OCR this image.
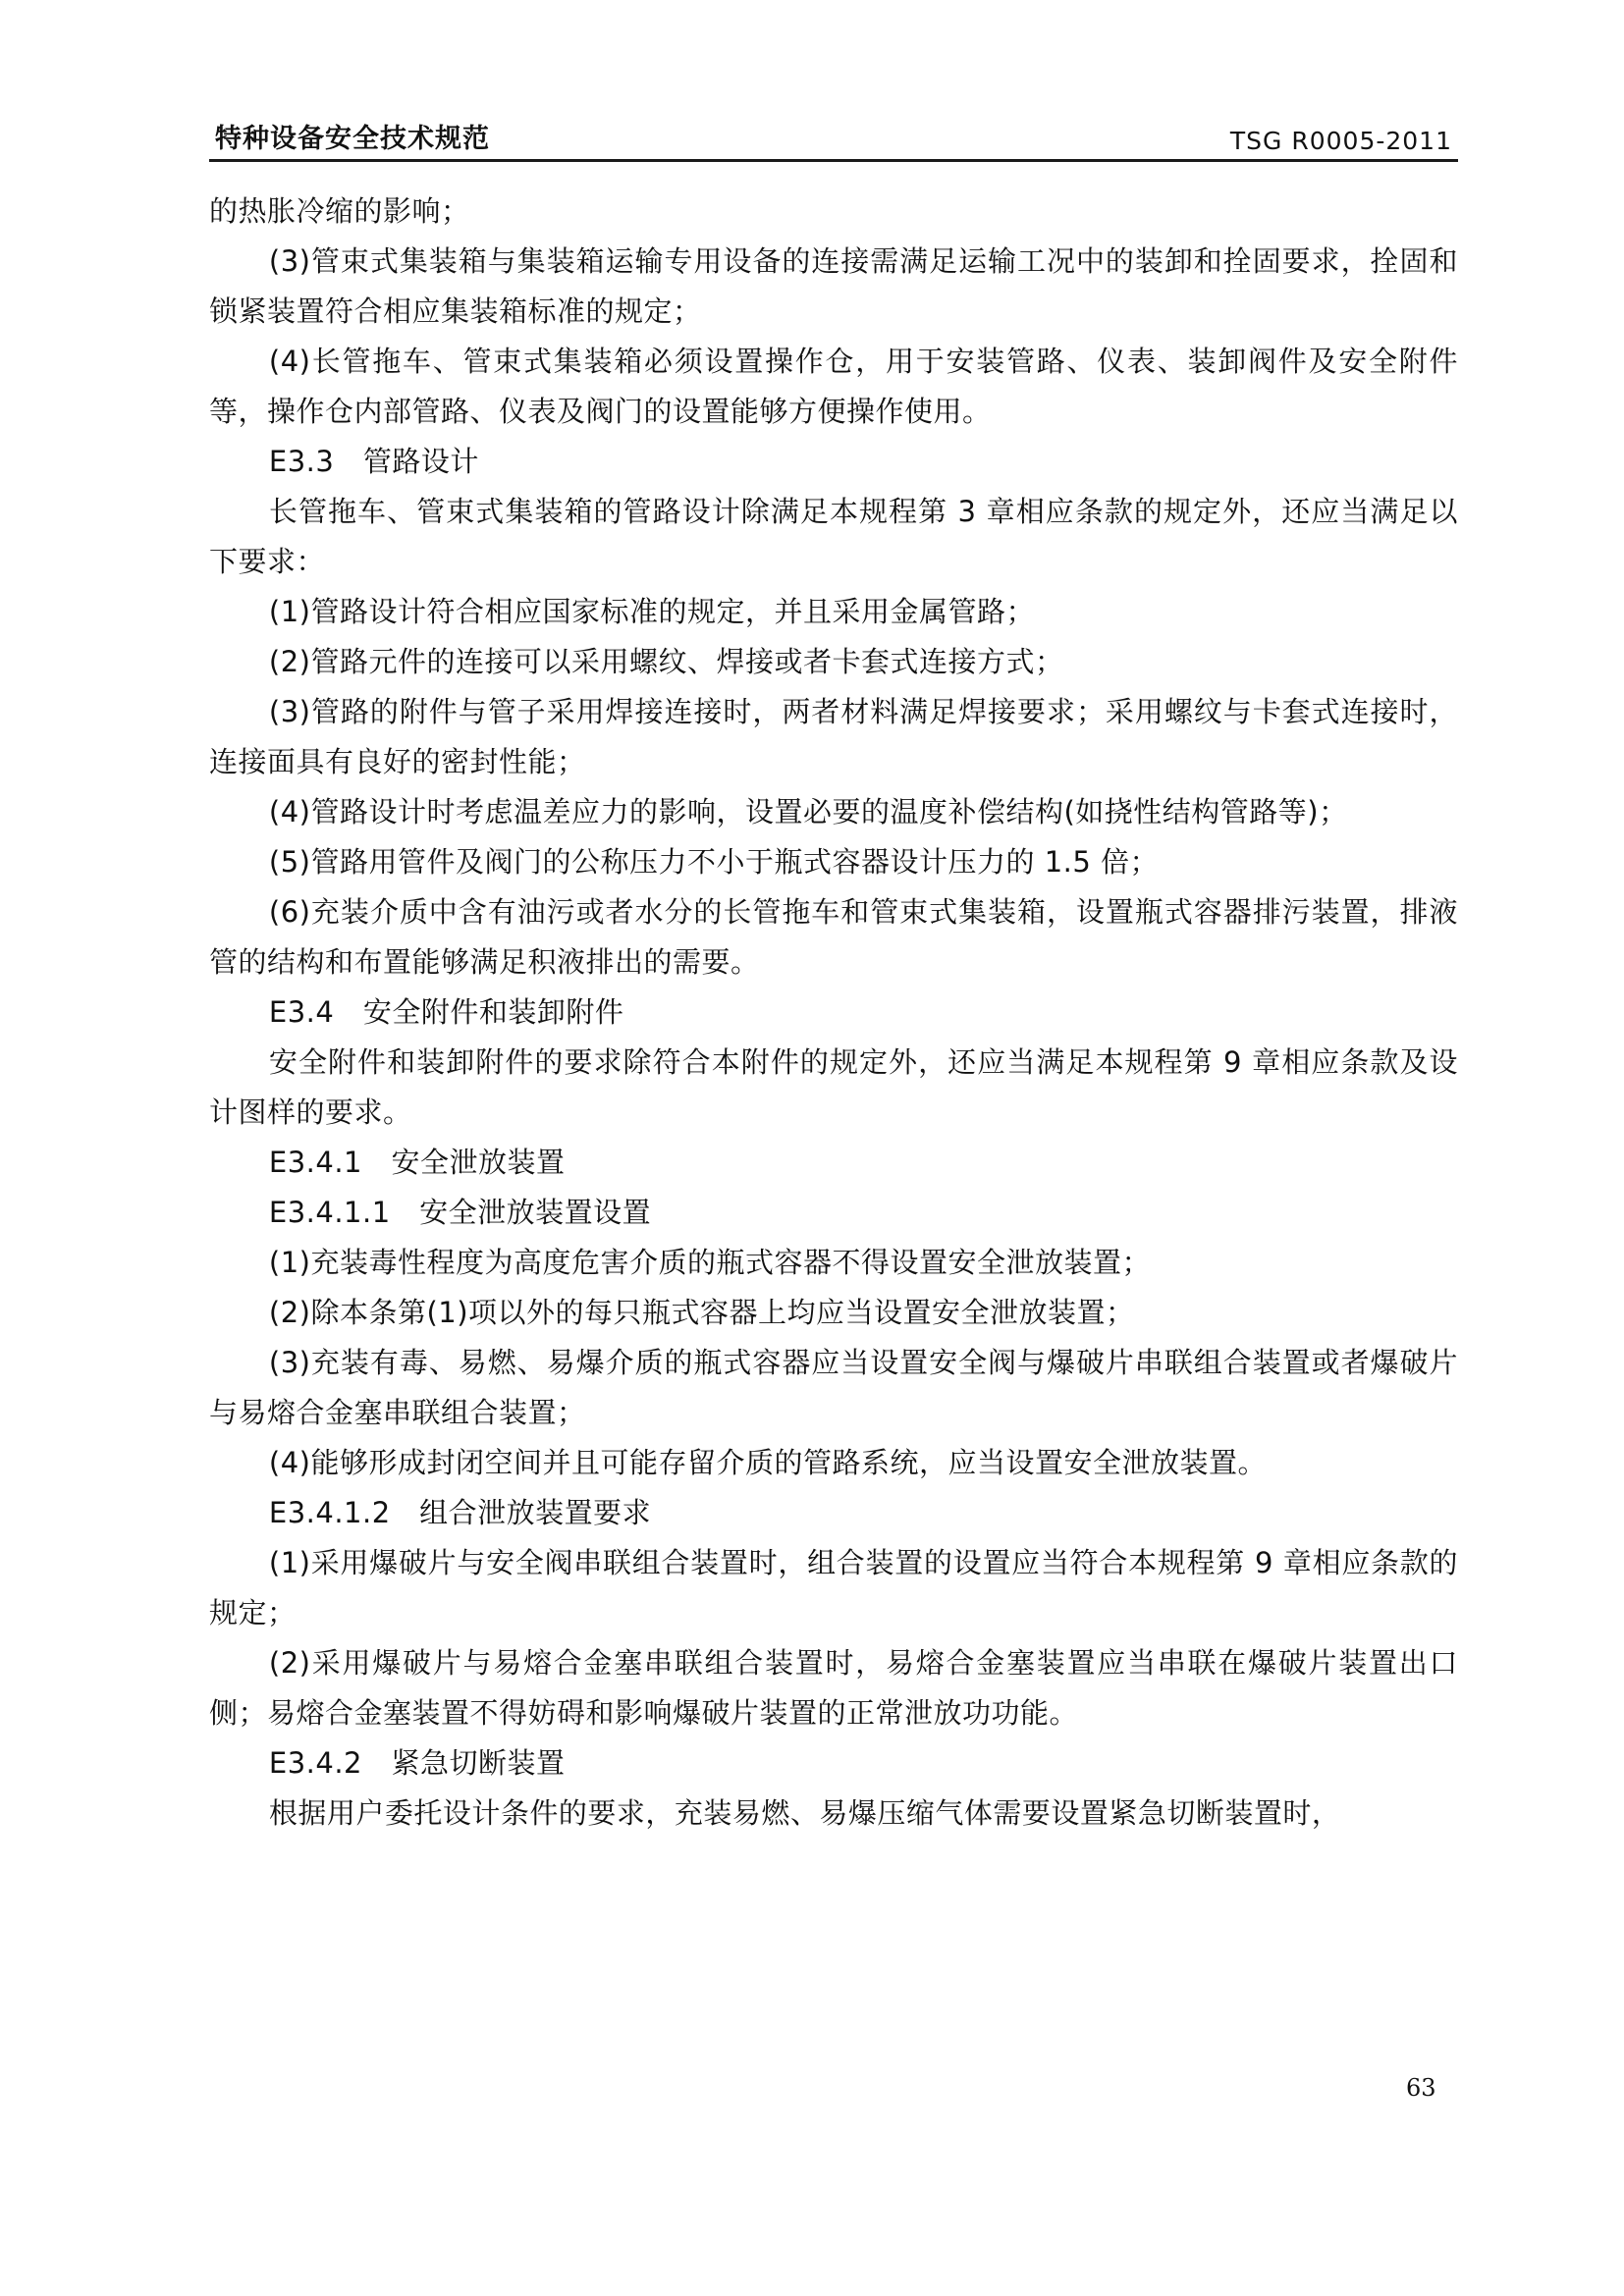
特种设备安全技术规范	TSG R0005-2011

的热胀冷缩的影响；

(3)管束式集装箱与集装箱运输专用设备的连接需满足运输工况中的装卸和拴固要求，拴固和锁紧装置符合相应集装箱标准的规定；

(4)长管拖车、管束式集装箱必须设置操作仓，用于安装管路、仪表、装卸阀件及安全附件等，操作仓内部管路、仪表及阀门的设置能够方便操作使用。

E3.3　管路设计

长管拖车、管束式集装箱的管路设计除满足本规程第 3 章相应条款的规定外，还应当满足以下要求：

(1)管路设计符合相应国家标准的规定，并且采用金属管路；

(2)管路元件的连接可以采用螺纹、焊接或者卡套式连接方式；

(3)管路的附件与管子采用焊接连接时，两者材料满足焊接要求；采用螺纹与卡套式连接时，连接面具有良好的密封性能；

(4)管路设计时考虑温差应力的影响，设置必要的温度补偿结构(如挠性结构管路等)；

(5)管路用管件及阀门的公称压力不小于瓶式容器设计压力的 1.5 倍；

(6)充装介质中含有油污或者水分的长管拖车和管束式集装箱，设置瓶式容器排污装置，排液管的结构和布置能够满足积液排出的需要。

E3.4　安全附件和装卸附件

安全附件和装卸附件的要求除符合本附件的规定外，还应当满足本规程第 9 章相应条款及设计图样的要求。

E3.4.1　安全泄放装置

E3.4.1.1　安全泄放装置设置

(1)充装毒性程度为高度危害介质的瓶式容器不得设置安全泄放装置；

(2)除本条第(1)项以外的每只瓶式容器上均应当设置安全泄放装置；

(3)充装有毒、易燃、易爆介质的瓶式容器应当设置安全阀与爆破片串联组合装置或者爆破片与易熔合金塞串联组合装置；

(4)能够形成封闭空间并且可能存留介质的管路系统，应当设置安全泄放装置。

E3.4.1.2　组合泄放装置要求

(1)采用爆破片与安全阀串联组合装置时，组合装置的设置应当符合本规程第 9 章相应条款的规定；

(2)采用爆破片与易熔合金塞串联组合装置时，易熔合金塞装置应当串联在爆破片装置出口侧；易熔合金塞装置不得妨碍和影响爆破片装置的正常泄放功功能。

E3.4.2　紧急切断装置

根据用户委托设计条件的要求，充装易燃、易爆压缩气体需要设置紧急切断装置时，

63
